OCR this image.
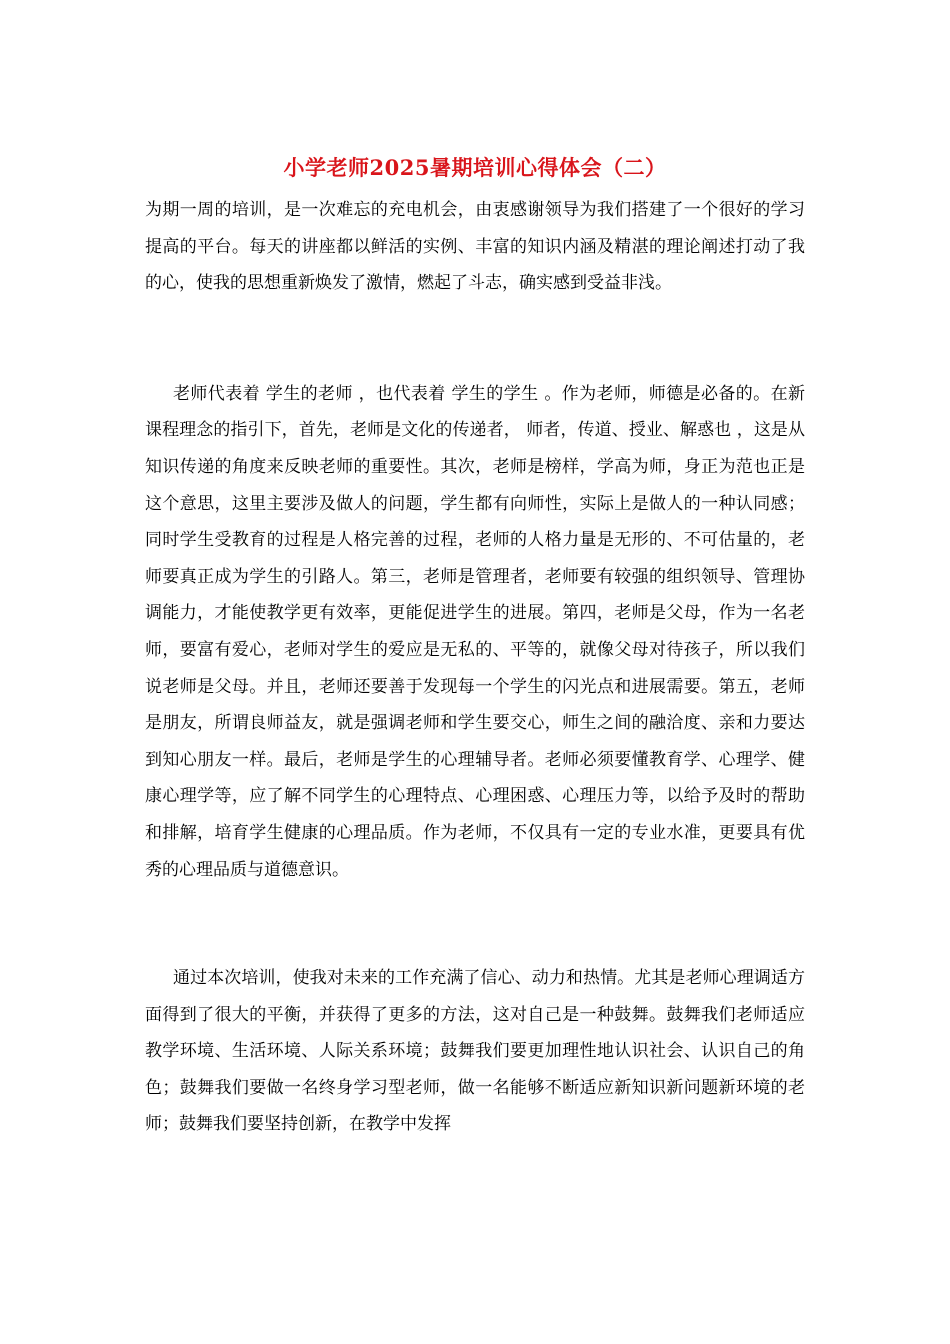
小学老师2025暑期培训心得体会（二）

为期一周的培训，是一次难忘的充电机会，由衷感谢领导为我们搭建了一个很好的学习提高的平台。每天的讲座都以鲜活的实例、丰富的知识内涵及精湛的理论阐述打动了我的心，使我的思想重新焕发了激情，燃起了斗志，确实感到受益非浅。

老师代表着 学生的老师 ，也代表着 学生的学生 。作为老师，师德是必备的。在新课程理念的指引下，首先，老师是文化的传递者， 师者，传道、授业、解惑也 ，这是从知识传递的角度来反映老师的重要性。其次，老师是榜样，学高为师，身正为范也正是这个意思，这里主要涉及做人的问题，学生都有向师性，实际上是做人的一种认同感；同时学生受教育的过程是人格完善的过程，老师的人格力量是无形的、不可估量的，老师要真正成为学生的引路人。第三，老师是管理者，老师要有较强的组织领导、管理协调能力，才能使教学更有效率，更能促进学生的进展。第四，老师是父母，作为一名老师，要富有爱心，老师对学生的爱应是无私的、平等的，就像父母对待孩子，所以我们说老师是父母。并且，老师还要善于发现每一个学生的闪光点和进展需要。第五，老师是朋友，所谓良师益友，就是强调老师和学生要交心，师生之间的融洽度、亲和力要达到知心朋友一样。最后，老师是学生的心理辅导者。老师必须要懂教育学、心理学、健康心理学等，应了解不同学生的心理特点、心理困惑、心理压力等，以给予及时的帮助和排解，培育学生健康的心理品质。作为老师，不仅具有一定的专业水准，更要具有优秀的心理品质与道德意识。

通过本次培训，使我对未来的工作充满了信心、动力和热情。尤其是老师心理调适方面得到了很大的平衡，并获得了更多的方法，这对自己是一种鼓舞。鼓舞我们老师适应教学环境、生活环境、人际关系环境；鼓舞我们要更加理性地认识社会、认识自己的角色；鼓舞我们要做一名终身学习型老师，做一名能够不断适应新知识新问题新环境的老师；鼓舞我们要坚持创新，在教学中发挥
